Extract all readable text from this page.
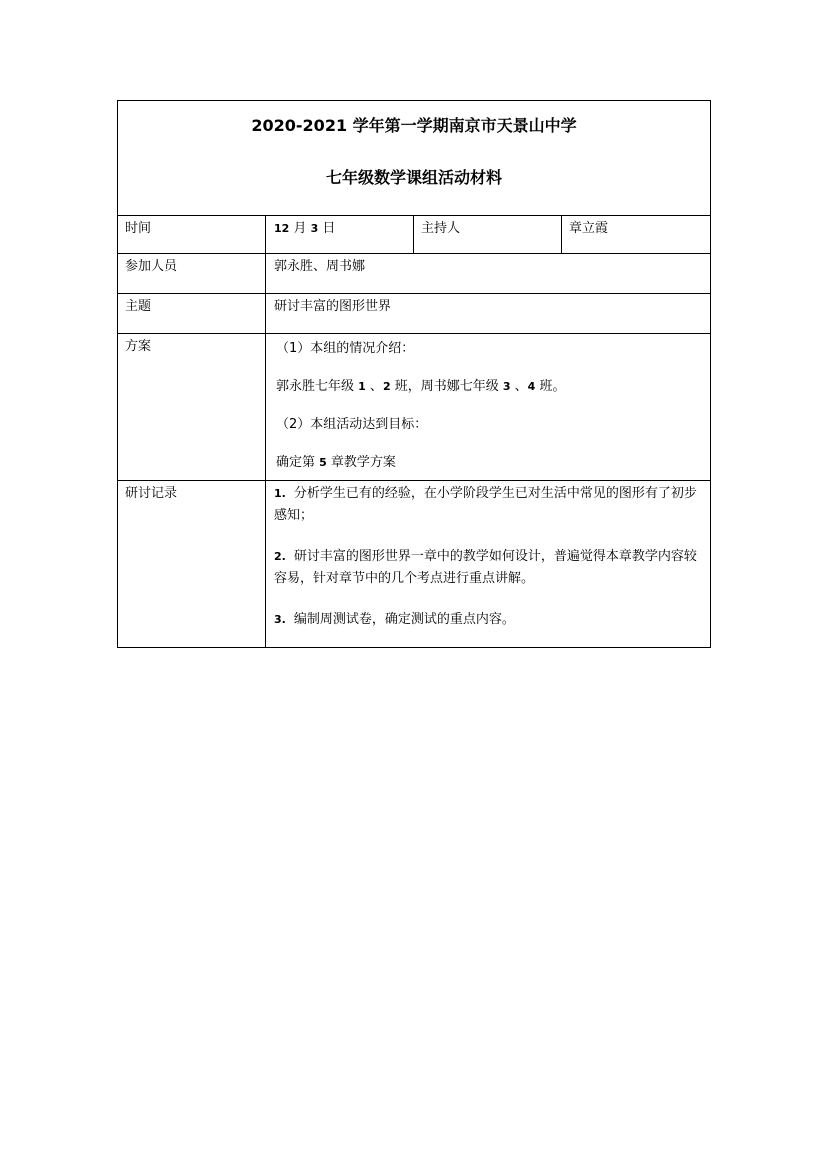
2020-2021 学年第一学期南京市天景山中学
七年级数学课组活动材料			

时间	12 月 3 日	主持人	章立霞
参加人员	郭永胜、周书娜		
主题	研讨丰富的图形世界		
方案	（1）本组的情况介绍：

郭永胜七年级 1 、2 班，周书娜七年级 3 、4 班。

（2）本组活动达到目标：

确定第 5 章教学方案		

研讨记录	1. 分析学生已有的经验，在小学阶段学生已对生活中常见的图形有了初步感知；

2. 研讨丰富的图形世界一章中的教学如何设计，普遍觉得本章教学内容较容易，针对章节中的几个考点进行重点讲解。

3. 编制周测试卷，确定测试的重点内容。		
